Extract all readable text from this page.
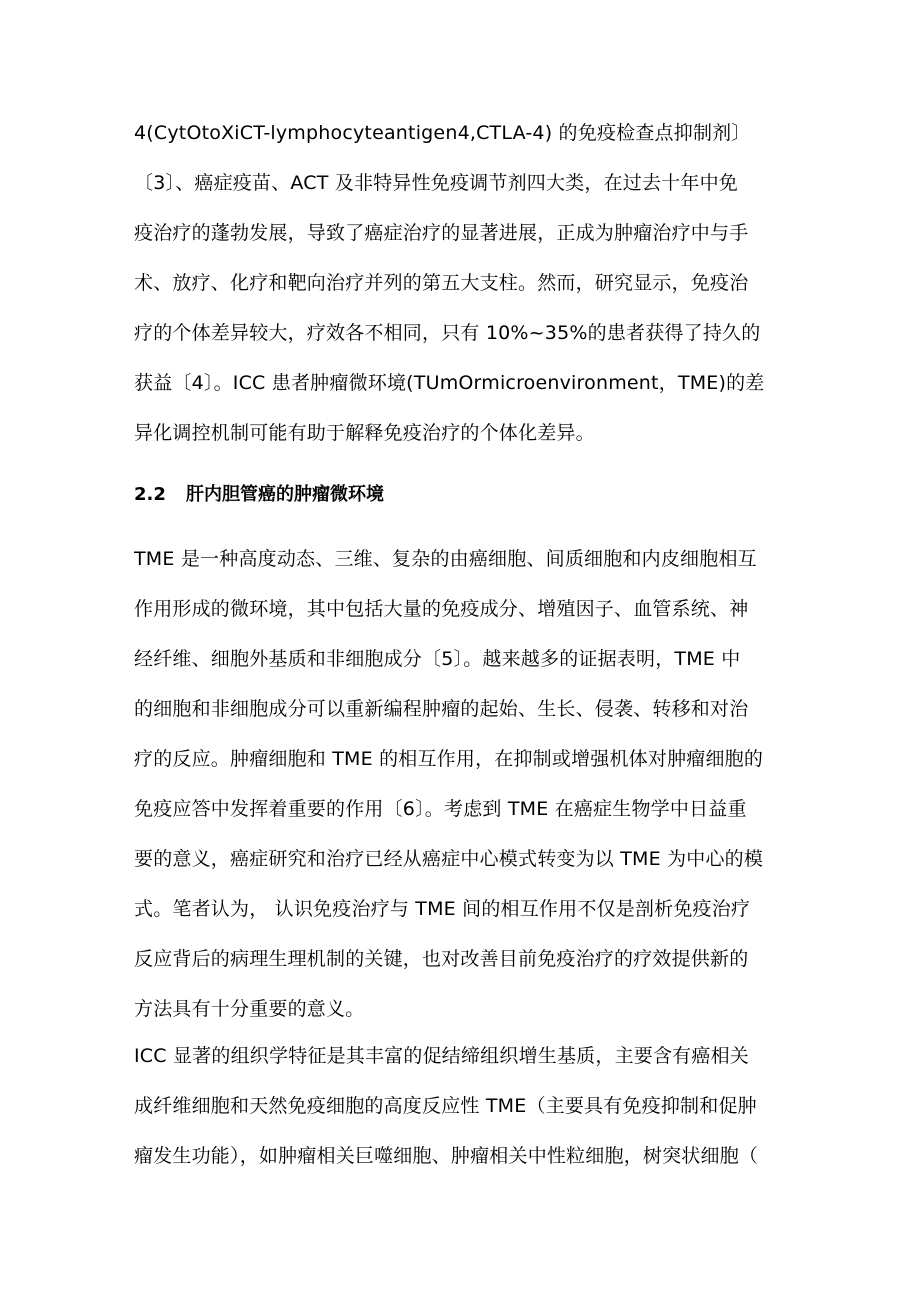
4(CytOtoXiCT-lymphocyteantigen4,CTLA-4) 的免疫检查点抑制剂〕
〔3〕、癌症疫苗、ACT 及非特异性免疫调节剂四大类，在过去十年中免
疫治疗的蓬勃发展，导致了癌症治疗的显著进展，正成为肿瘤治疗中与手
术、放疗、化疗和靶向治疗并列的第五大支柱。然而，研究显示，免疫治
疗的个体差异较大，疗效各不相同，只有 10%~35%的患者获得了持久的
获益〔4〕。ICC 患者肿瘤微环境(TUmOrmicroenvironment，TME)的差
异化调控机制可能有助于解释免疫治疗的个体化差异。
2.2 肝内胆管癌的肿瘤微环境
TME 是一种高度动态、三维、复杂的由癌细胞、间质细胞和内皮细胞相互
作用形成的微环境，其中包括大量的免疫成分、增殖因子、血管系统、神
经纤维、细胞外基质和非细胞成分〔5〕。越来越多的证据表明，TME 中
的细胞和非细胞成分可以重新编程肿瘤的起始、生长、侵袭、转移和对治
疗的反应。肿瘤细胞和 TME 的相互作用，在抑制或增强机体对肿瘤细胞的
免疫应答中发挥着重要的作用〔6〕。考虑到 TME 在癌症生物学中日益重
要的意义，癌症研究和治疗已经从癌症中心模式转变为以 TME 为中心的模
式。笔者认为， 认识免疫治疗与 TME 间的相互作用不仅是剖析免疫治疗
反应背后的病理生理机制的关键，也对改善目前免疫治疗的疗效提供新的
方法具有十分重要的意义。
ICC 显著的组织学特征是其丰富的促结缔组织增生基质，主要含有癌相关
成纤维细胞和天然免疫细胞的高度反应性 TME（主要具有免疫抑制和促肿
瘤发生功能），如肿瘤相关巨噬细胞、肿瘤相关中性粒细胞，树突状细胞（
